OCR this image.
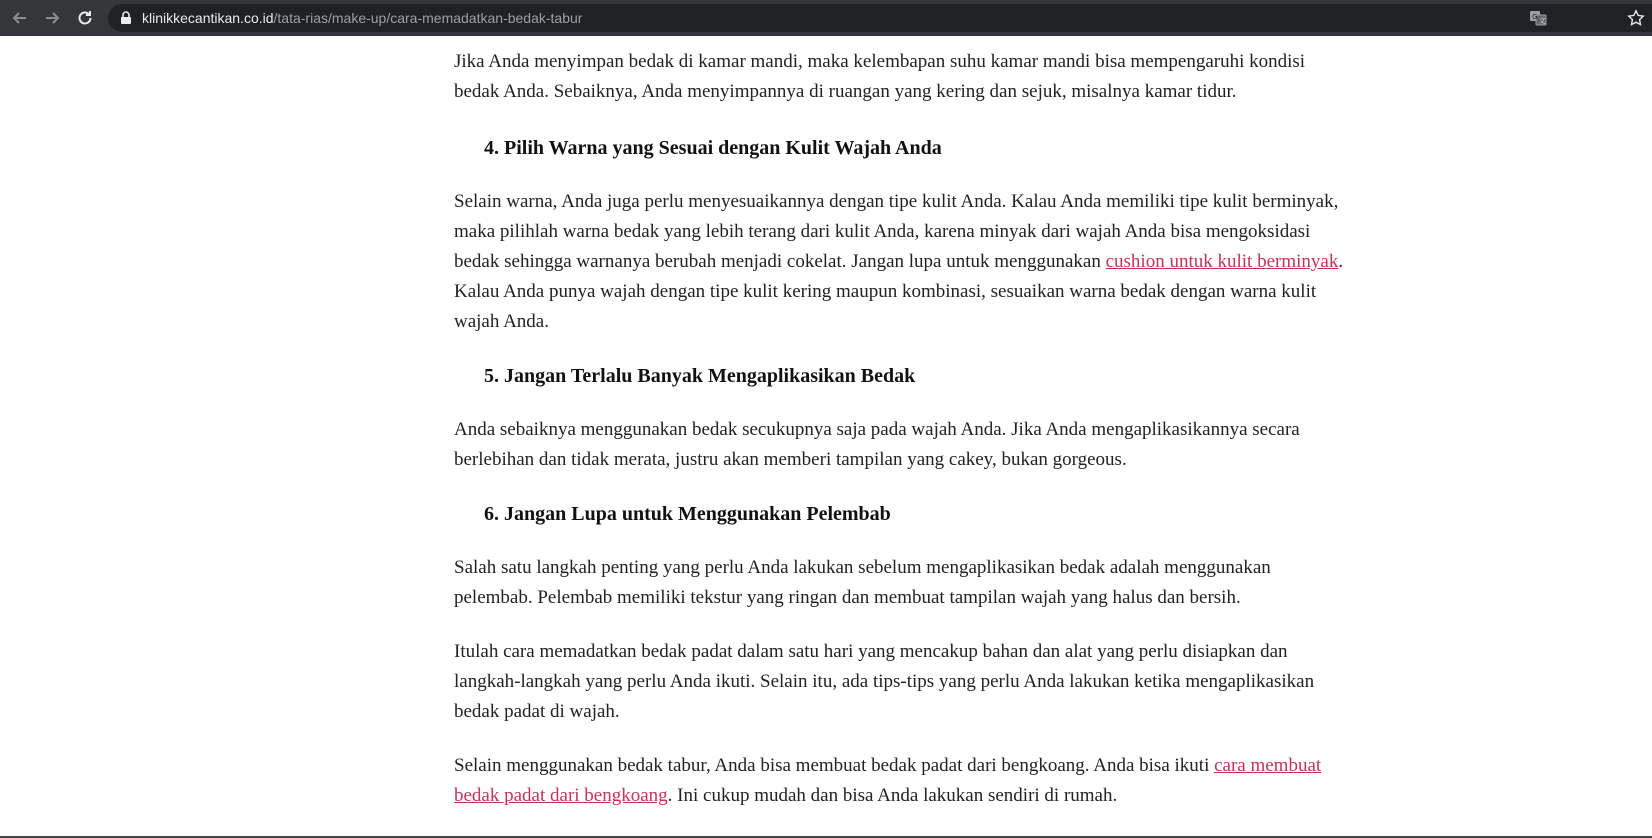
klinikkecantikan.co.id/tata-rias/make-up/cara-memadatkan-bedak-tabur	G 文

Jika Anda menyimpan bedak di kamar mandi, maka kelembapan suhu kamar mandi bisa mempengaruhi kondisi bedak Anda. Sebaiknya, Anda menyimpannya di ruangan yang kering dan sejuk, misalnya kamar tidur.

4. Pilih Warna yang Sesuai dengan Kulit Wajah Anda

Selain warna, Anda juga perlu menyesuaikannya dengan tipe kulit Anda. Kalau Anda memiliki tipe kulit berminyak, maka pilihlah warna bedak yang lebih terang dari kulit Anda, karena minyak dari wajah Anda bisa mengoksidasi bedak sehingga warnanya berubah menjadi cokelat. Jangan lupa untuk menggunakan cushion untuk kulit berminyak. Kalau Anda punya wajah dengan tipe kulit kering maupun kombinasi, sesuaikan warna bedak dengan warna kulit wajah Anda.

5. Jangan Terlalu Banyak Mengaplikasikan Bedak

Anda sebaiknya menggunakan bedak secukupnya saja pada wajah Anda. Jika Anda mengaplikasikannya secara berlebihan dan tidak merata, justru akan memberi tampilan yang cakey, bukan gorgeous.

6. Jangan Lupa untuk Menggunakan Pelembab

Salah satu langkah penting yang perlu Anda lakukan sebelum mengaplikasikan bedak adalah menggunakan pelembab. Pelembab memiliki tekstur yang ringan dan membuat tampilan wajah yang halus dan bersih.

Itulah cara memadatkan bedak padat dalam satu hari yang mencakup bahan dan alat yang perlu disiapkan dan langkah-langkah yang perlu Anda ikuti. Selain itu, ada tips-tips yang perlu Anda lakukan ketika mengaplikasikan bedak padat di wajah.

Selain menggunakan bedak tabur, Anda bisa membuat bedak padat dari bengkoang. Anda bisa ikuti cara membuat bedak padat dari bengkoang. Ini cukup mudah dan bisa Anda lakukan sendiri di rumah.
